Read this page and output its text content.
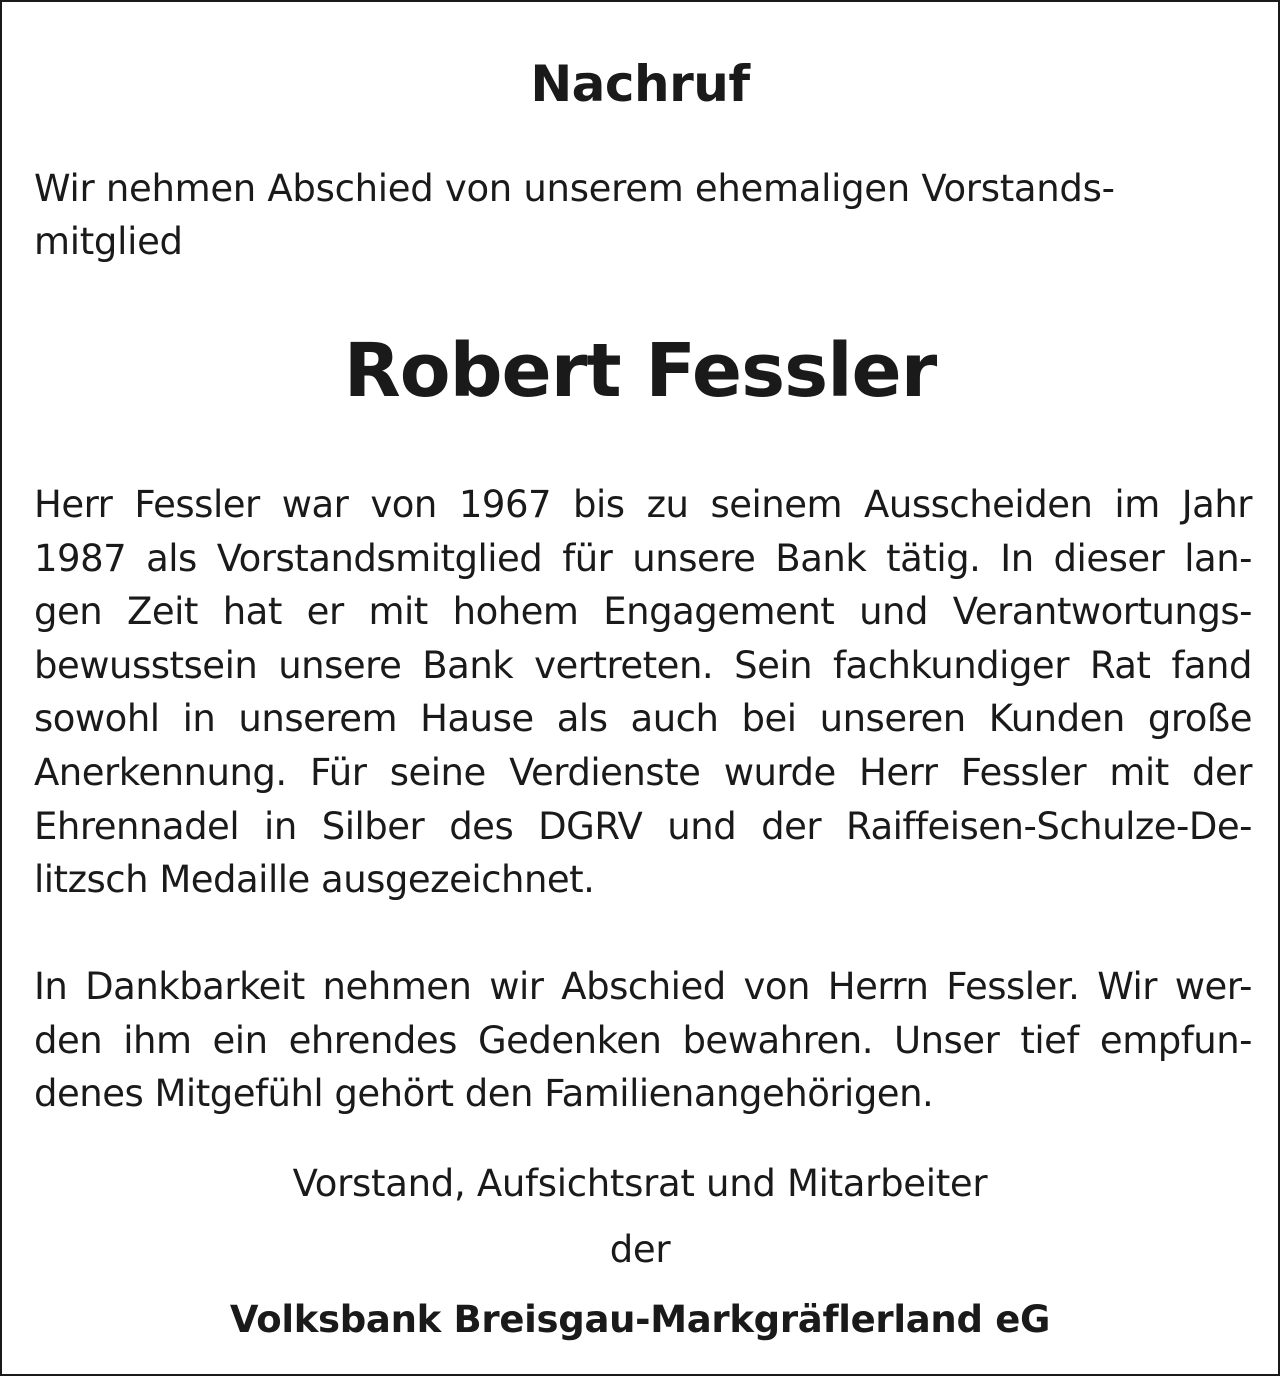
Nachruf

Wir nehmen Abschied von unserem ehemaligen Vorstands-
mitglied

Robert Fessler
Herr Fessler war von 1967 bis zu seinem Ausscheiden im Jahr
1987 als Vorstandsmitglied für unsere Bank tätig. In dieser lan-
gen Zeit hat er mit hohem Engagement und Verantwortungs-
bewusstsein unsere Bank vertreten. Sein fachkundiger Rat fand
sowohl in unserem Hause als auch bei unseren Kunden große
Anerkennung. Für seine Verdienste wurde Herr Fessler mit der
Ehrennadel in Silber des DGRV und der Raiffeisen-Schulze-De-
litzsch Medaille ausgezeichnet.
In Dankbarkeit nehmen wir Abschied von Herrn Fessler. Wir wer-
den ihm ein ehrendes Gedenken bewahren. Unser tief empfun-
denes Mitgefühl gehört den Familienangehörigen.
Vorstand, Aufsichtsrat und Mitarbeiter
der
Volksbank Breisgau-Markgräflerland eG
